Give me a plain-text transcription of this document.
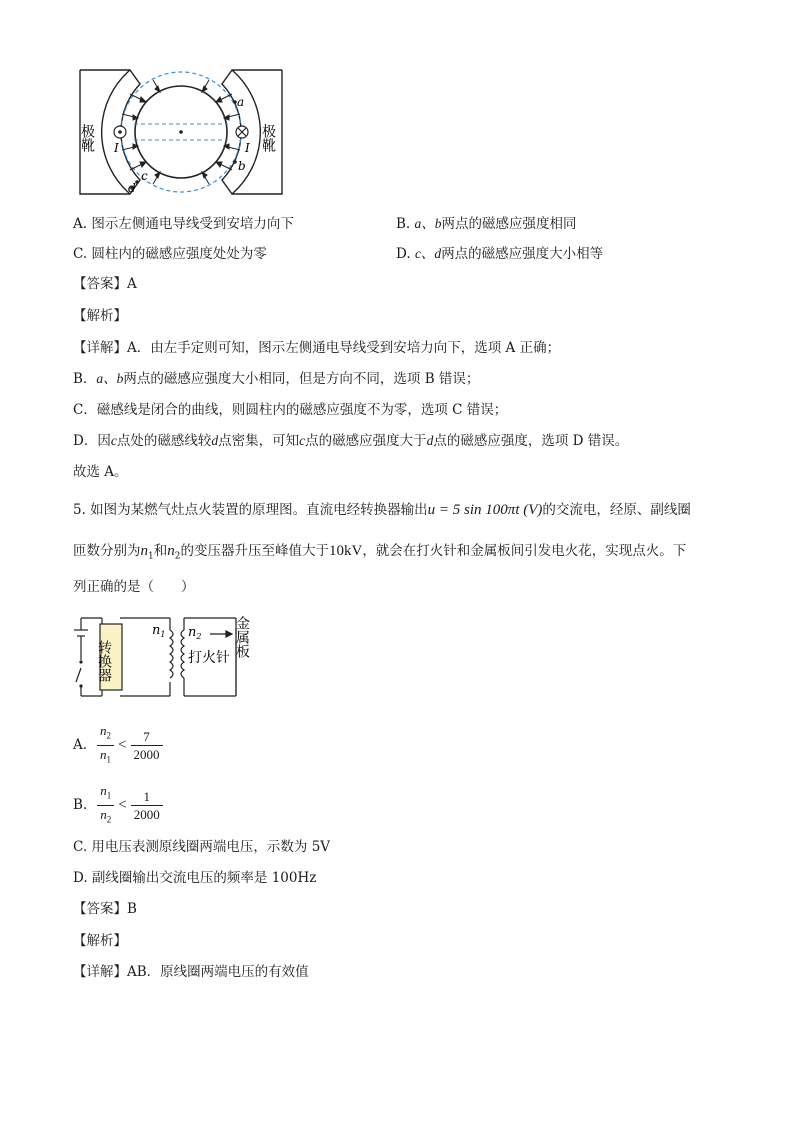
极靴	极靴
a
b
c
d
I	I
A. 图示左侧通电导线受到安培力向下	B. a、b两点的磁感应强度相同
C. 圆柱内的磁感应强度处处为零	D. c、d两点的磁感应强度大小相等
【答案】A
【解析】
【详解】A．由左手定则可知，图示左侧通电导线受到安培力向下，选项 A 正确；
B．a、b两点的磁感应强度大小相同，但是方向不同，选项 B 错误；
C．磁感线是闭合的曲线，则圆柱内的磁感应强度不为零，选项 C 错误；
D．因c点处的磁感线较d点密集，可知c点的磁感应强度大于d点的磁感应强度，选项 D 错误。
故选 A。
5. 如图为某燃气灶点火装置的原理图。直流电经转换器输出u = 5 sin 100πt (V)的交流电，经原、副线圈
匝数分别为$n_1$和$n_2$的变压器升压至峰值大于10kV，就会在打火针和金属板间引发电火花，实现点火。下
列正确的是（　　）
转换器
$n_1$ $n_2$
打火针 金属板
A. $\frac{n_2}{n_1} < \frac{7}{2000}$
B. $\frac{n_1}{n_2} < \frac{1}{2000}$
C. 用电压表测原线圈两端电压，示数为 5V
D. 副线圈输出交流电压的频率是 100Hz
【答案】B
【解析】
【详解】AB．原线圈两端电压的有效值
